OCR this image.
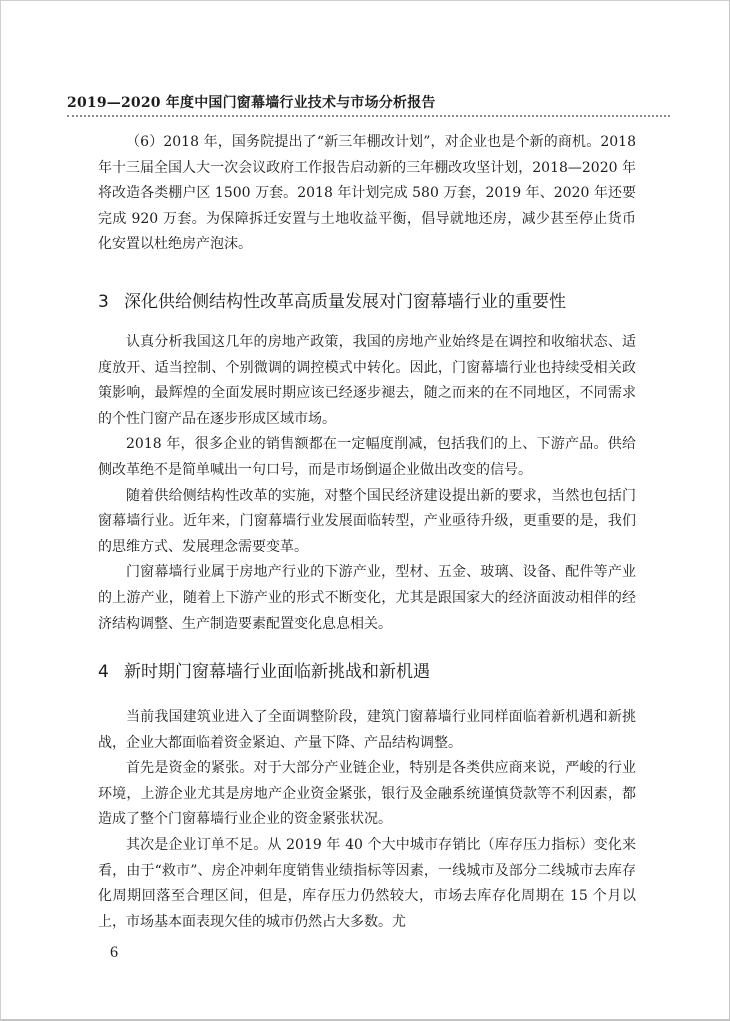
2019—2020 年度中国门窗幕墙行业技术与市场分析报告

（6）2018 年，国务院提出了“新三年棚改计划”，对企业也是个新的商机。2018 年十三届全国人大一次会议政府工作报告启动新的三年棚改攻坚计划，2018—2020 年将改造各类棚户区 1500 万套。2018 年计划完成 580 万套，2019 年、2020 年还要完成 920 万套。为保障拆迁安置与土地收益平衡，倡导就地还房，减少甚至停止货币化安置以杜绝房产泡沫。

3 深化供给侧结构性改革高质量发展对门窗幕墙行业的重要性

认真分析我国这几年的房地产政策，我国的房地产业始终是在调控和收缩状态、适度放开、适当控制、个别微调的调控模式中转化。因此，门窗幕墙行业也持续受相关政策影响，最辉煌的全面发展时期应该已经逐步褪去，随之而来的在不同地区，不同需求的个性门窗产品在逐步形成区域市场。

2018 年，很多企业的销售额都在一定幅度削减，包括我们的上、下游产品。供给侧改革绝不是简单喊出一句口号，而是市场倒逼企业做出改变的信号。

随着供给侧结构性改革的实施，对整个国民经济建设提出新的要求，当然也包括门窗幕墙行业。近年来，门窗幕墙行业发展面临转型，产业亟待升级，更重要的是，我们的思维方式、发展理念需要变革。

门窗幕墙行业属于房地产行业的下游产业，型材、五金、玻璃、设备、配件等产业的上游产业，随着上下游产业的形式不断变化，尤其是跟国家大的经济面波动相伴的经济结构调整、生产制造要素配置变化息息相关。

4 新时期门窗幕墙行业面临新挑战和新机遇

当前我国建筑业进入了全面调整阶段，建筑门窗幕墙行业同样面临着新机遇和新挑战，企业大都面临着资金紧迫、产量下降、产品结构调整。

首先是资金的紧张。对于大部分产业链企业，特别是各类供应商来说，严峻的行业环境，上游企业尤其是房地产企业资金紧张，银行及金融系统谨慎贷款等不利因素，都造成了整个门窗幕墙行业企业的资金紧张状况。

其次是企业订单不足。从 2019 年 40 个大中城市存销比（库存压力指标）变化来看，由于“救市”、房企冲刺年度销售业绩指标等因素，一线城市及部分二线城市去库存化周期回落至合理区间，但是，库存压力仍然较大，市场去库存化周期在 15 个月以上，市场基本面表现欠佳的城市仍然占大多数。尤

6
